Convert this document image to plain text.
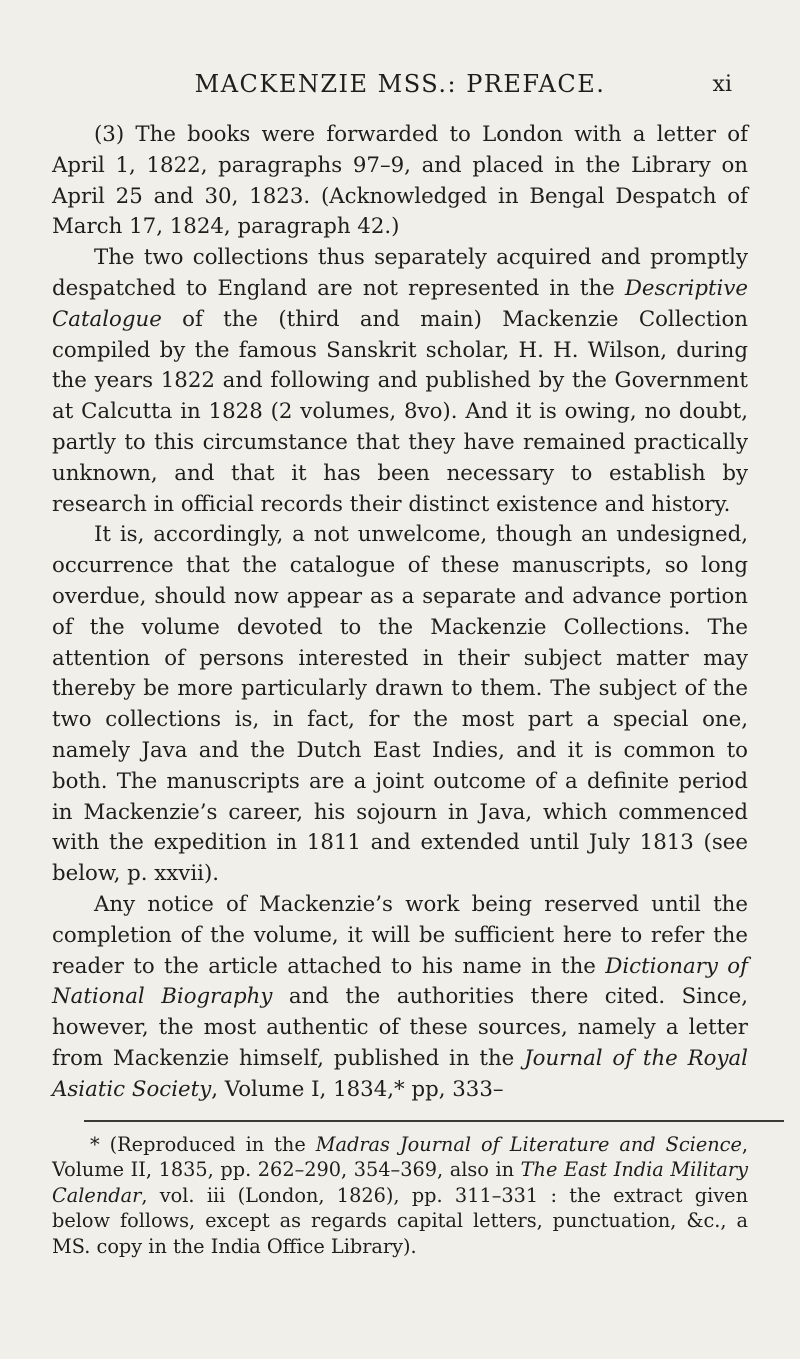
MACKENZIE MSS.: PREFACE.	xi

(3) The books were forwarded to London with a letter of April 1, 1822, paragraphs 97–9, and placed in the Library on April 25 and 30, 1823. (Acknowledged in Bengal Despatch of March 17, 1824, paragraph 42.)

The two collections thus separately acquired and promptly despatched to England are not represented in the Descriptive Catalogue of the (third and main) Mackenzie Collection compiled by the famous Sanskrit scholar, H. H. Wilson, during the years 1822 and following and published by the Government at Calcutta in 1828 (2 volumes, 8vo). And it is owing, no doubt, partly to this circumstance that they have remained practically unknown, and that it has been necessary to establish by research in official records their distinct existence and history.

It is, accordingly, a not unwelcome, though an undesigned, occurrence that the catalogue of these manuscripts, so long overdue, should now appear as a separate and advance portion of the volume devoted to the Mackenzie Collections. The attention of persons interested in their subject matter may thereby be more particularly drawn to them. The subject of the two collections is, in fact, for the most part a special one, namely Java and the Dutch East Indies, and it is common to both. The manuscripts are a joint outcome of a definite period in Mackenzie’s career, his sojourn in Java, which commenced with the expedition in 1811 and extended until July 1813 (see below, p. xxvii).

Any notice of Mackenzie’s work being reserved until the completion of the volume, it will be sufficient here to refer the reader to the article attached to his name in the Dictionary of National Biography and the authorities there cited. Since, however, the most authentic of these sources, namely a letter from Mackenzie himself, published in the Journal of the Royal Asiatic Society, Volume I, 1834,* pp, 333–

* (Reproduced in the Madras Journal of Literature and Science, Volume II, 1835, pp. 262–290, 354–369, also in The East India Military Calendar, vol. iii (London, 1826), pp. 311–331 : the extract given below follows, except as regards capital letters, punctuation, &c., a MS. copy in the India Office Library).
